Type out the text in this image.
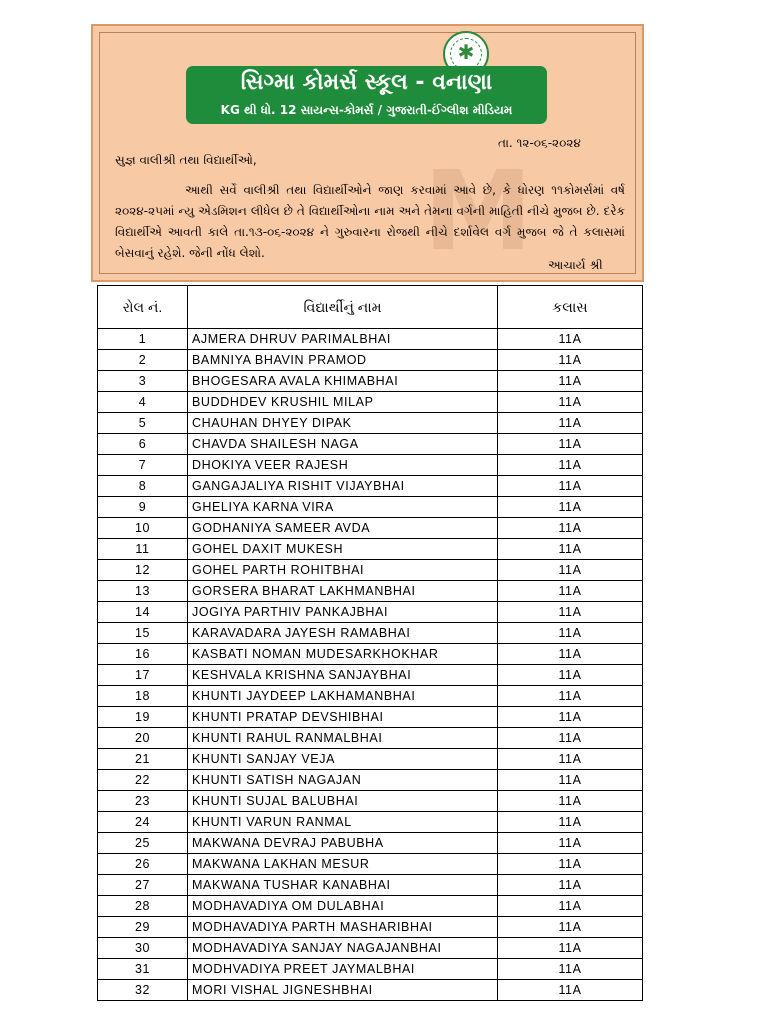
M
✱
સિગ્મા કોમર્સ સ્કૂલ - વનાણા
KG થી ધો. 12 સાયન્સ-કોમર્સ / ગુજરાતી-ઈંગ્લીશ મીડિયમ
તા. ૧૨-૦૬-૨૦૨૪
સુજ્ઞ વાલીશ્રી તથા વિદ્યાર્થીઓ,
આથી સર્વે વાલીશ્રી તથા વિદ્યાર્થીઓને જાણ કરવામાં આવે છે, કે ધોરણ ૧૧કોમર્સમાં વર્ષ ૨૦૨૪-૨૫માં ન્યુ એડમિશન લીધેલ છે તે વિદ્યાર્થીઓના નામ અને તેમના વર્ગની માહિતી નીચે મુજબ છે. દરેક વિદ્યાર્થીએ આવતી કાલે તા.૧૩-૦૬-૨૦૨૪ ને ગુરુવારના રોજથી નીચે દર્શાવેલ વર્ગ મુજબ જે તે કલાસમાં બેસવાનું રહેશે. જેની નોંધ લેશો.
આચાર્ય શ્રી
રોલ નં.	વિદ્યાર્થીનું નામ	કલાસ
1	AJMERA DHRUV PARIMALBHAI	11A
2	BAMNIYA BHAVIN PRAMOD	11A
3	BHOGESARA AVALA KHIMABHAI	11A
4	BUDDHDEV KRUSHIL MILAP	11A
5	CHAUHAN DHYEY DIPAK	11A
6	CHAVDA SHAILESH NAGA	11A
7	DHOKIYA VEER RAJESH	11A
8	GANGAJALIYA RISHIT VIJAYBHAI	11A
9	GHELIYA KARNA VIRA	11A
10	GODHANIYA SAMEER AVDA	11A
11	GOHEL DAXIT MUKESH	11A
12	GOHEL PARTH ROHITBHAI	11A
13	GORSERA BHARAT LAKHMANBHAI	11A
14	JOGIYA PARTHIV PANKAJBHAI	11A
15	KARAVADARA JAYESH RAMABHAI	11A
16	KASBATI NOMAN MUDESARKHOKHAR	11A
17	KESHVALA KRISHNA SANJAYBHAI	11A
18	KHUNTI JAYDEEP LAKHAMANBHAI	11A
19	KHUNTI PRATAP DEVSHIBHAI	11A
20	KHUNTI RAHUL RANMALBHAI	11A
21	KHUNTI SANJAY VEJA	11A
22	KHUNTI SATISH NAGAJAN	11A
23	KHUNTI SUJAL BALUBHAI	11A
24	KHUNTI VARUN RANMAL	11A
25	MAKWANA DEVRAJ PABUBHA	11A
26	MAKWANA LAKHAN MESUR	11A
27	MAKWANA TUSHAR KANABHAI	11A
28	MODHAVADIYA OM DULABHAI	11A
29	MODHAVADIYA PARTH MASHARIBHAI	11A
30	MODHAVADIYA SANJAY NAGAJANBHAI	11A
31	MODHVADIYA PREET JAYMALBHAI	11A
32	MORI VISHAL JIGNESHBHAI	11A
